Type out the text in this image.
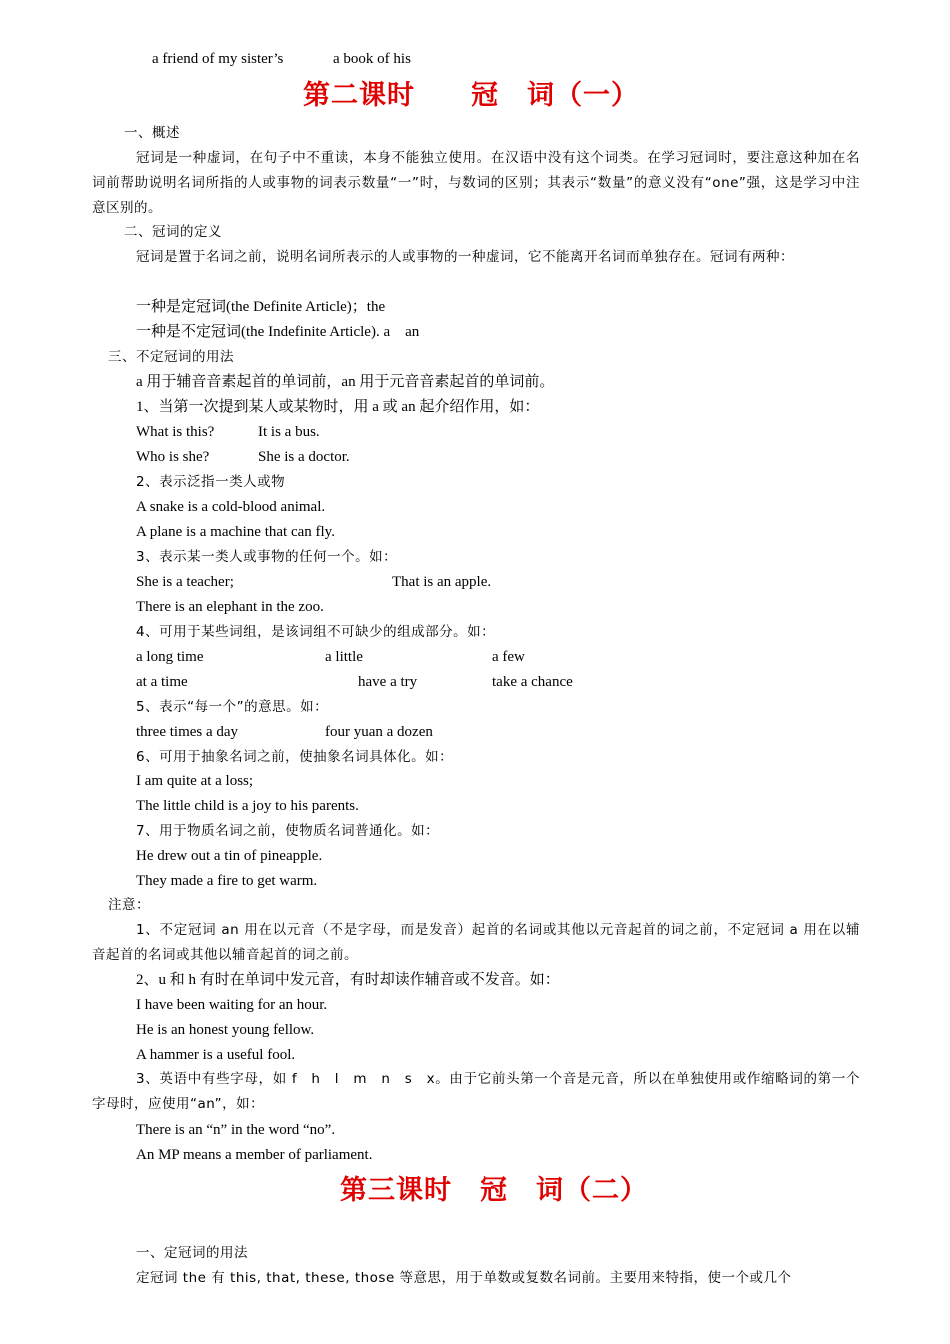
a friend of my sister’s	a book of his
第二课时　　冠　词（一）
一、概述
冠词是一种虚词，在句子中不重读，本身不能独立使用。在汉语中没有这个词类。在学习冠词时，要注意这种加在名词前帮助说明名词所指的人或事物的词表示数量“一”时，与数词的区别；其表示“数量”的意义没有“one”强，这是学习中注意区别的。
二、冠词的定义
冠词是置于名词之前，说明名词所表示的人或事物的一种虚词，它不能离开名词而单独存在。冠词有两种：
一种是定冠词(the Definite Article)；the
一种是不定冠词(the Indefinite Article). a　an
三、不定冠词的用法
a 用于辅音音素起首的单词前，an 用于元音音素起首的单词前。
1、当第一次提到某人或某物时，用 a 或 an 起介绍作用，如：
What is this?	It is a bus.
Who is she?	She is a doctor.
2、表示泛指一类人或物
A snake is a cold-blood animal.
A plane is a machine that can fly.
3、表示某一类人或事物的任何一个。如：
She is a teacher;	That is an apple.
There is an elephant in the zoo.
4、可用于某些词组，是该词组不可缺少的组成部分。如：
a long time	a little	a few
at a time	have a try	take a chance
5、表示“每一个”的意思。如：
three times a day	four yuan a dozen
6、可用于抽象名词之前，使抽象名词具体化。如：
I am quite at a loss;
The little child is a joy to his parents.
7、用于物质名词之前，使物质名词普通化。如：
He drew out a tin of pineapple.
They made a fire to get warm.
注意：
1、不定冠词 an 用在以元音（不是字母，而是发音）起首的名词或其他以元音起首的词之前，不定冠词 a 用在以辅音起首的名词或其他以辅音起首的词之前。
2、u 和 h 有时在单词中发元音，有时却读作辅音或不发音。如：
I have been waiting for an hour.
He is an honest young fellow.
A hammer is a useful fool.
3、英语中有些字母，如 f　h　l　m　n　s　x。由于它前头第一个音是元音，所以在单独使用或作缩略词的第一个字母时，应使用“an”，如：
There is an “n” in the word “no”.
An MP means a member of parliament.
第三课时　冠　词（二）
一、定冠词的用法
定冠词 the 有 this, that, these, those 等意思，用于单数或复数名词前。主要用来特指，使一个或几个
